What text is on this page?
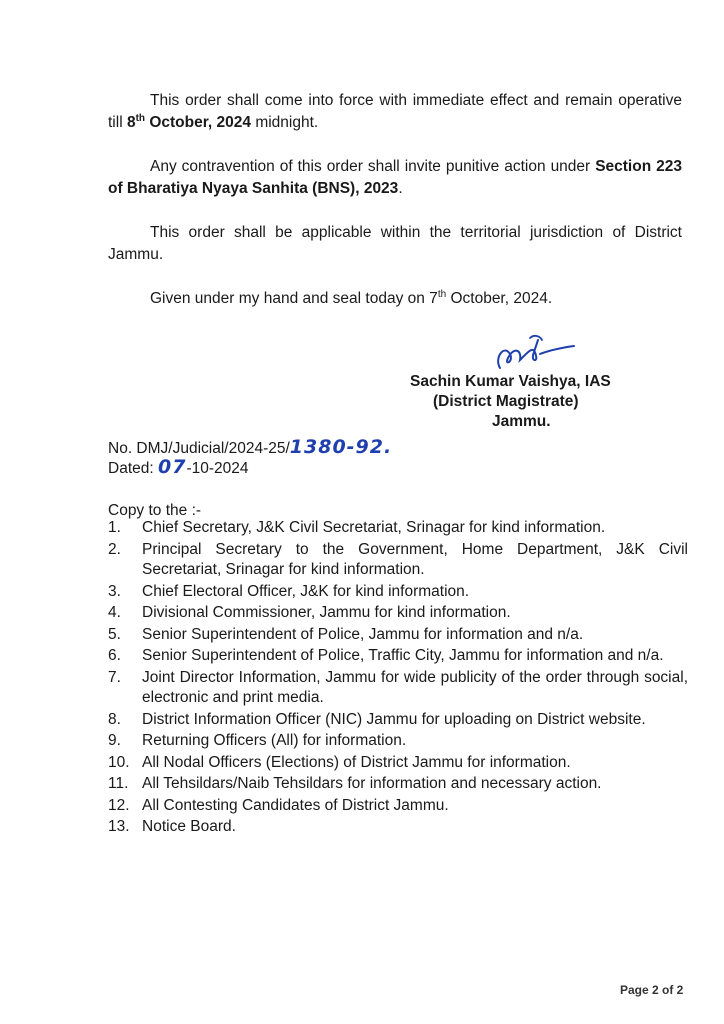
This order shall come into force with immediate effect and remain operative till 8th October, 2024 midnight.

Any contravention of this order shall invite punitive action under Section 223 of Bharatiya Nyaya Sanhita (BNS), 2023.

This order shall be applicable within the territorial jurisdiction of District Jammu.

Given under my hand and seal today on 7th October, 2024.

Sachin Kumar Vaishya, IAS
(District Magistrate)
Jammu.
No. DMJ/Judicial/2024-25/1380-92.
Dated: 07-10-2024
Copy to the :-
1.	Chief Secretary, J&K Civil Secretariat, Srinagar for kind information.
2.	Principal Secretary to the Government, Home Department, J&K Civil Secretariat, Srinagar for kind information.
3.	Chief Electoral Officer, J&K for kind information.
4.	Divisional Commissioner, Jammu for kind information.
5.	Senior Superintendent of Police, Jammu for information and n/a.
6.	Senior Superintendent of Police, Traffic City, Jammu for information and n/a.
7.	Joint Director Information, Jammu for wide publicity of the order through social, electronic and print media.
8.	District Information Officer (NIC) Jammu for uploading on District website.
9.	Returning Officers (All) for information.
10. All Nodal Officers (Elections) of District Jammu for information.
11. All Tehsildars/Naib Tehsildars for information and necessary action.
12. All Contesting Candidates of District Jammu.
13. Notice Board.
Page 2 of 2
